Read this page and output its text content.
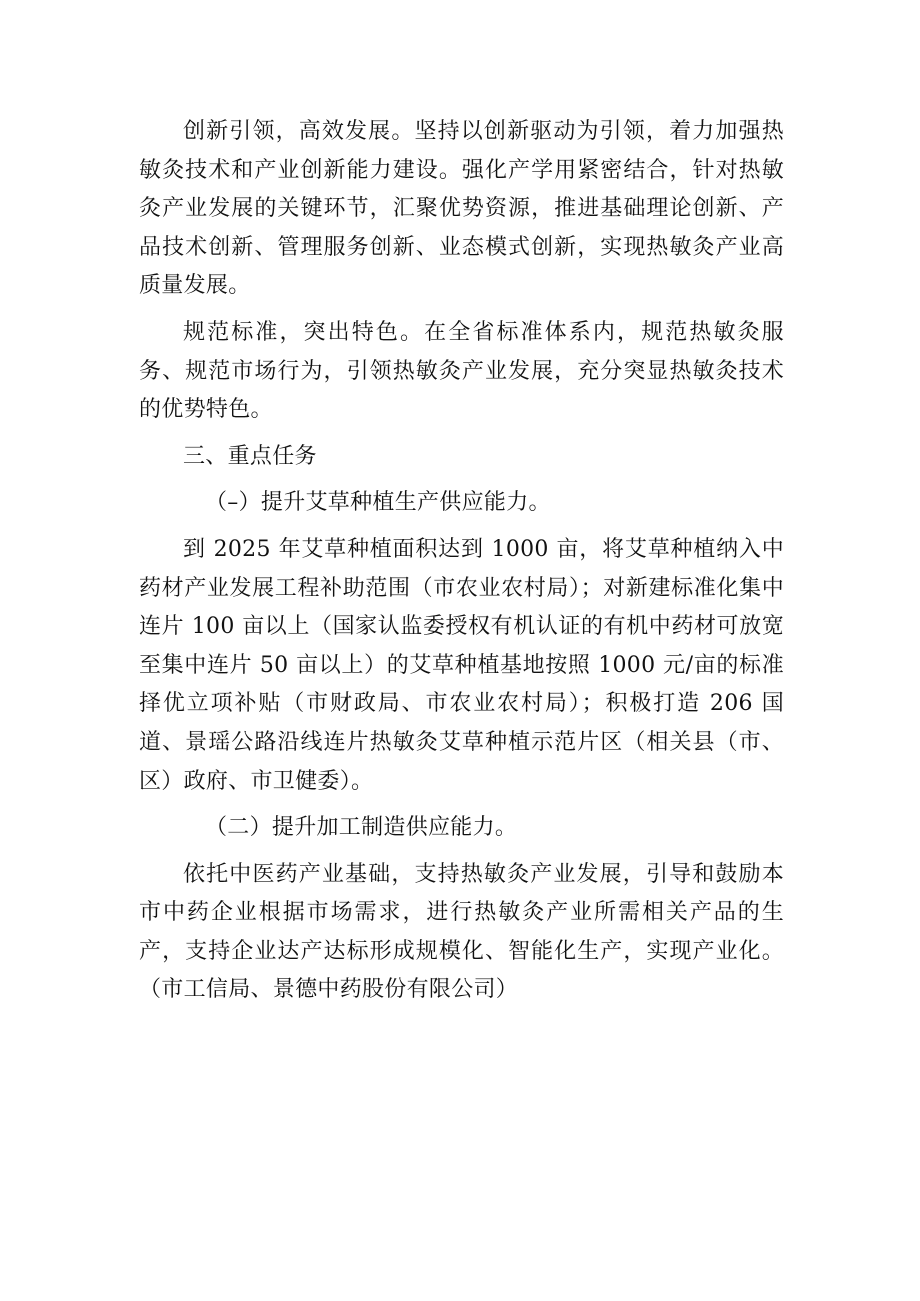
创新引领，高效发展。坚持以创新驱动为引领，着力加强热敏灸技术和产业创新能力建设。强化产学用紧密结合，针对热敏灸产业发展的关键环节，汇聚优势资源，推进基础理论创新、产品技术创新、管理服务创新、业态模式创新，实现热敏灸产业高质量发展。

规范标准，突出特色。在全省标准体系内，规范热敏灸服务、规范市场行为，引领热敏灸产业发展，充分突显热敏灸技术的优势特色。

三、重点任务

（–）提升艾草种植生产供应能力。

到 2025 年艾草种植面积达到 1000 亩，将艾草种植纳入中药材产业发展工程补助范围（市农业农村局）；对新建标准化集中连片 100 亩以上（国家认监委授权有机认证的有机中药材可放宽至集中连片 50 亩以上）的艾草种植基地按照 1000 元/亩的标准择优立项补贴（市财政局、市农业农村局）；积极打造 206 国道、景瑶公路沿线连片热敏灸艾草种植示范片区（相关县（市、区）政府、市卫健委）。

（二）提升加工制造供应能力。

依托中医药产业基础，支持热敏灸产业发展，引导和鼓励本市中药企业根据市场需求，进行热敏灸产业所需相关产品的生产，支持企业达产达标形成规模化、智能化生产，实现产业化。（市工信局、景德中药股份有限公司）
